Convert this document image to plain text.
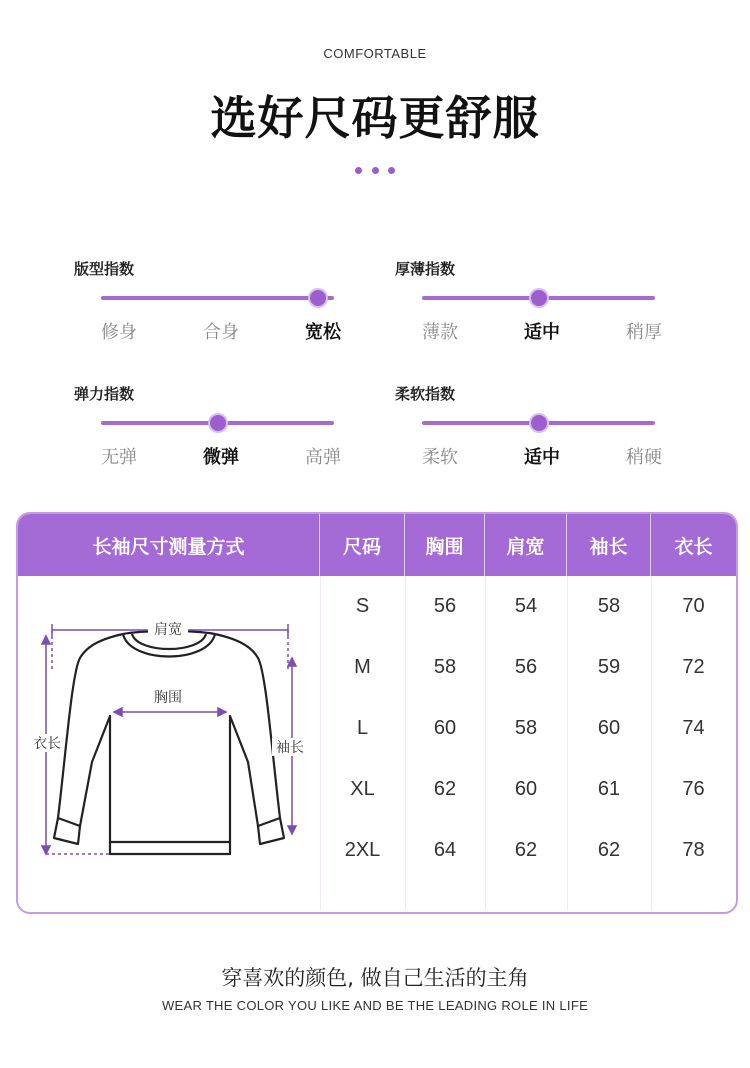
COMFORTABLE
选好尺码更舒服
版型指数
修身	合身	宽松
厚薄指数
薄款	适中	稍厚
弹力指数
无弹	微弹	高弹
柔软指数
柔软	适中	稍硬
长袖尺寸测量方式	尺码	胸围	肩宽	袖长	衣长
S	56	54	58	70
M	58	56	59	72
L	60	58	60	74
XL	62	60	61	76
2XL	64	62	62	78
肩宽
胸围
衣长	袖长
穿喜欢的颜色, 做自己生活的主角
WEAR THE COLOR YOU LIKE AND BE THE LEADING ROLE IN LIFE
